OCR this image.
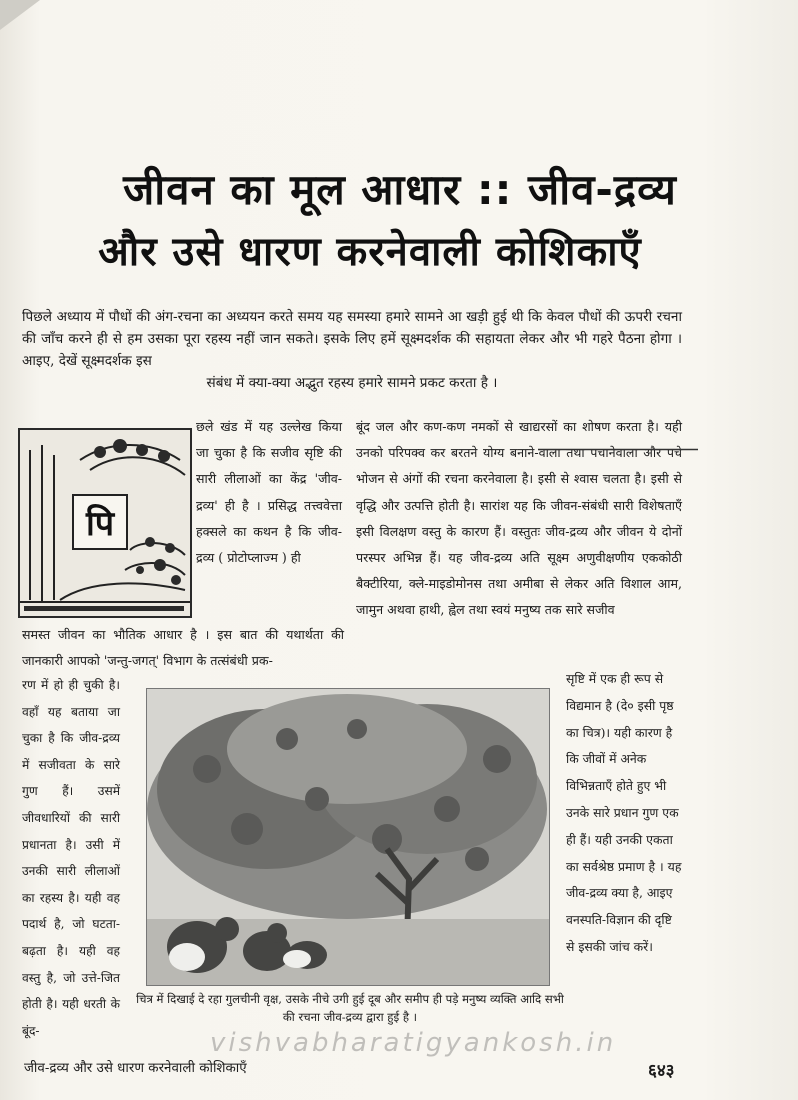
जीवन का मूल आधार :: जीव-द्रव्य
और उसे धारण करनेवाली कोशिकाएँ
पिछले अध्याय में पौधों की अंग-रचना का अध्ययन करते समय यह समस्या हमारे सामने आ खड़ी हुई थी कि केवल पौधों की ऊपरी रचना की जाँच करने ही से हम उसका पूरा रहस्य नहीं जान सकते। इसके लिए हमें सूक्ष्मदर्शक की सहायता लेकर और भी गहरे पैठना होगा । आइए, देखें सूक्ष्मदर्शक इस
संबंध में क्या-क्या अद्भुत रहस्य हमारे सामने प्रकट करता है ।
पि
छले खंड में यह उल्लेख किया जा चुका है कि सजीव सृष्टि की सारी लीलाओं का केंद्र 'जीव-द्रव्य' ही है । प्रसिद्ध तत्त्ववेत्ता हक्सले का कथन है कि जीव-द्रव्य ( प्रोटोप्लाज्म ) ही
समस्त जीवन का भौतिक आधार है । इस बात की यथार्थता की जानकारी आपको 'जन्तु-जगत्' विभाग के तत्संबंधी प्रक-
रण में हो ही चुकी है। वहाँ यह बताया जा चुका है कि जीव-द्रव्य में सजीवता के सारे गुण हैं। उसमें जीवधारियों की सारी प्रधानता है। उसी में उनकी सारी लीलाओं का रहस्य है। यही वह पदार्थ है, जो घटता-बढ़ता है। यही वह वस्तु है, जो उत्ते-जित होती है। यही धरती के बूंद-
बूंद जल और कण-कण नमकों से खाद्यरसों का शोषण करता है। यही उनको परिपक्व कर बरतने योग्य बनाने-वाला तथा पचानेवाला और पचे भोजन से अंगों की रचना करनेवाला है। इसी से श्वास चलता है। इसी से वृद्धि और उत्पत्ति होती है। सारांश यह कि जीवन-संबंधी सारी विशेषताएँ इसी विलक्षण वस्तु के कारण हैं। वस्तुतः जीव-द्रव्य और जीवन ये दोनों परस्पर अभिन्न हैं। यह जीव-द्रव्य अति सूक्ष्म अणुवीक्षणीय एककोठी बैक्टीरिया, क्ले-माइडोमोनस तथा अमीबा से लेकर अति विशाल आम, जामुन अथवा हाथी, ह्वेल तथा स्वयं मनुष्य तक सारे सजीव
सृष्टि में एक ही रूप से विद्यमान है (दे० इसी पृष्ठ का चित्र)। यही कारण है कि जीवों में अनेक विभिन्नताएँ होते हुए भी उनके सारे प्रधान गुण एक ही हैं। यही उनकी एकता का सर्वश्रेष्ठ प्रमाण है । यह जीव-द्रव्य क्या है, आइए वनस्पति-विज्ञान की दृष्टि से इसकी जांच करें।
चित्र में दिखाई दे रहा गुलचीनी वृक्ष, उसके नीचे उगी हुई दूब और समीप ही पड़े मनुष्य व्यक्ति आदि सभी की रचना जीव-द्रव्य द्वारा हुई है ।
vishvabharatigyankosh.in
जीव-द्रव्य और उसे धारण करनेवाली कोशिकाएँ	६४३
